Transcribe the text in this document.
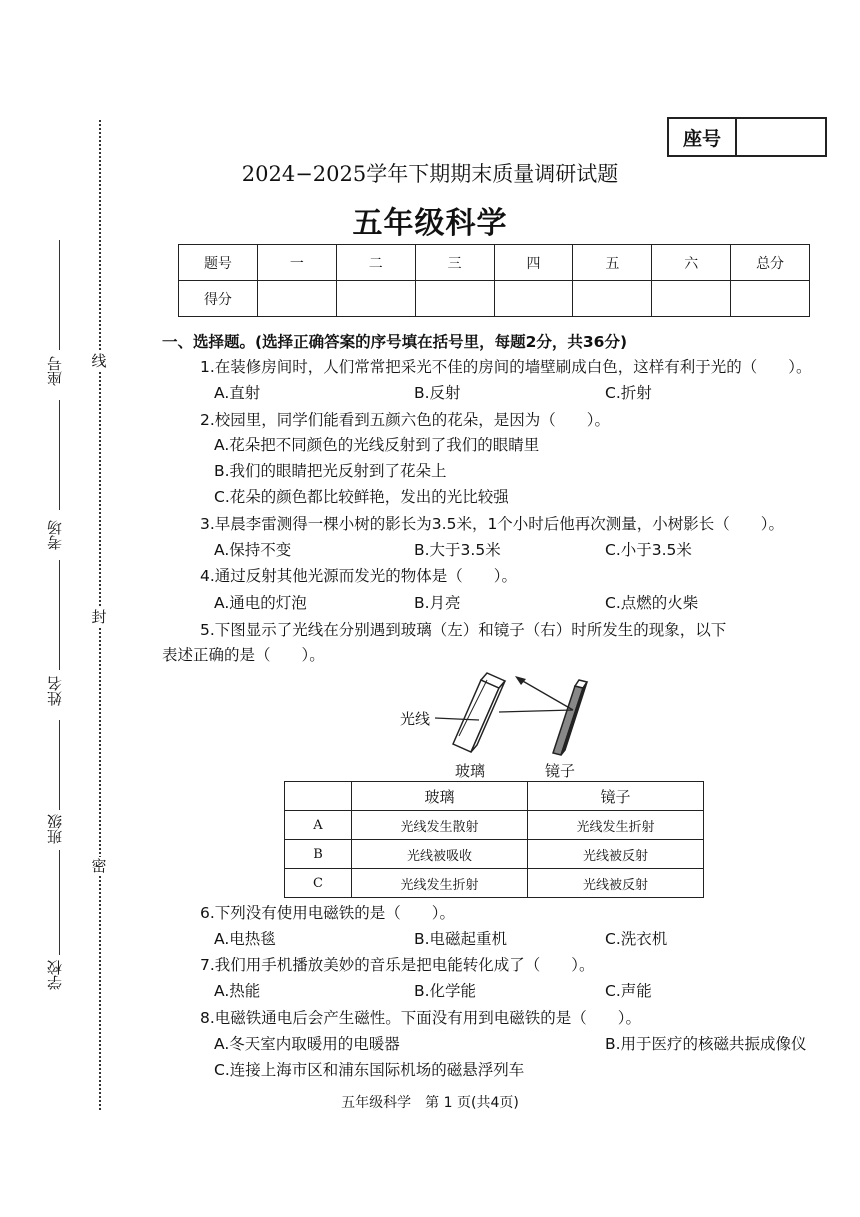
线
封
密
座号
考场
姓名
班级
学校
座号
2024−2025学年下期期末质量调研试题
五年级科学
题号	一	二	三	四	五	六	总分
得分							
一、选择题。(选择正确答案的序号填在括号里，每题2分，共36分)
1.在装修房间时，人们常常把采光不佳的房间的墙壁刷成白色，这样有利于光的（　　）。
A.直射	B.反射	C.折射
2.校园里，同学们能看到五颜六色的花朵，是因为（　　）。
A.花朵把不同颜色的光线反射到了我们的眼睛里
B.我们的眼睛把光反射到了花朵上
C.花朵的颜色都比较鲜艳，发出的光比较强
3.早晨李雷测得一棵小树的影长为3.5米，1个小时后他再次测量，小树影长（　　）。
A.保持不变	B.大于3.5米	C.小于3.5米
4.通过反射其他光源而发光的物体是（　　）。
A.通电的灯泡	B.月亮	C.点燃的火柴
5.下图显示了光线在分别遇到玻璃（左）和镜子（右）时所发生的现象，以下
表述正确的是（　　）。
光线
玻璃	镜子
	玻璃	镜子
A	光线发生散射	光线发生折射
B	光线被吸收	光线被反射
C	光线发生折射	光线被反射
6.下列没有使用电磁铁的是（　　）。
A.电热毯	B.电磁起重机	C.洗衣机
7.我们用手机播放美妙的音乐是把电能转化成了（　　）。
A.热能	B.化学能	C.声能
8.电磁铁通电后会产生磁性。下面没有用到电磁铁的是（　　）。
A.冬天室内取暖用的电暖器	B.用于医疗的核磁共振成像仪
C.连接上海市区和浦东国际机场的磁悬浮列车
五年级科学　第 1 页(共4页)
